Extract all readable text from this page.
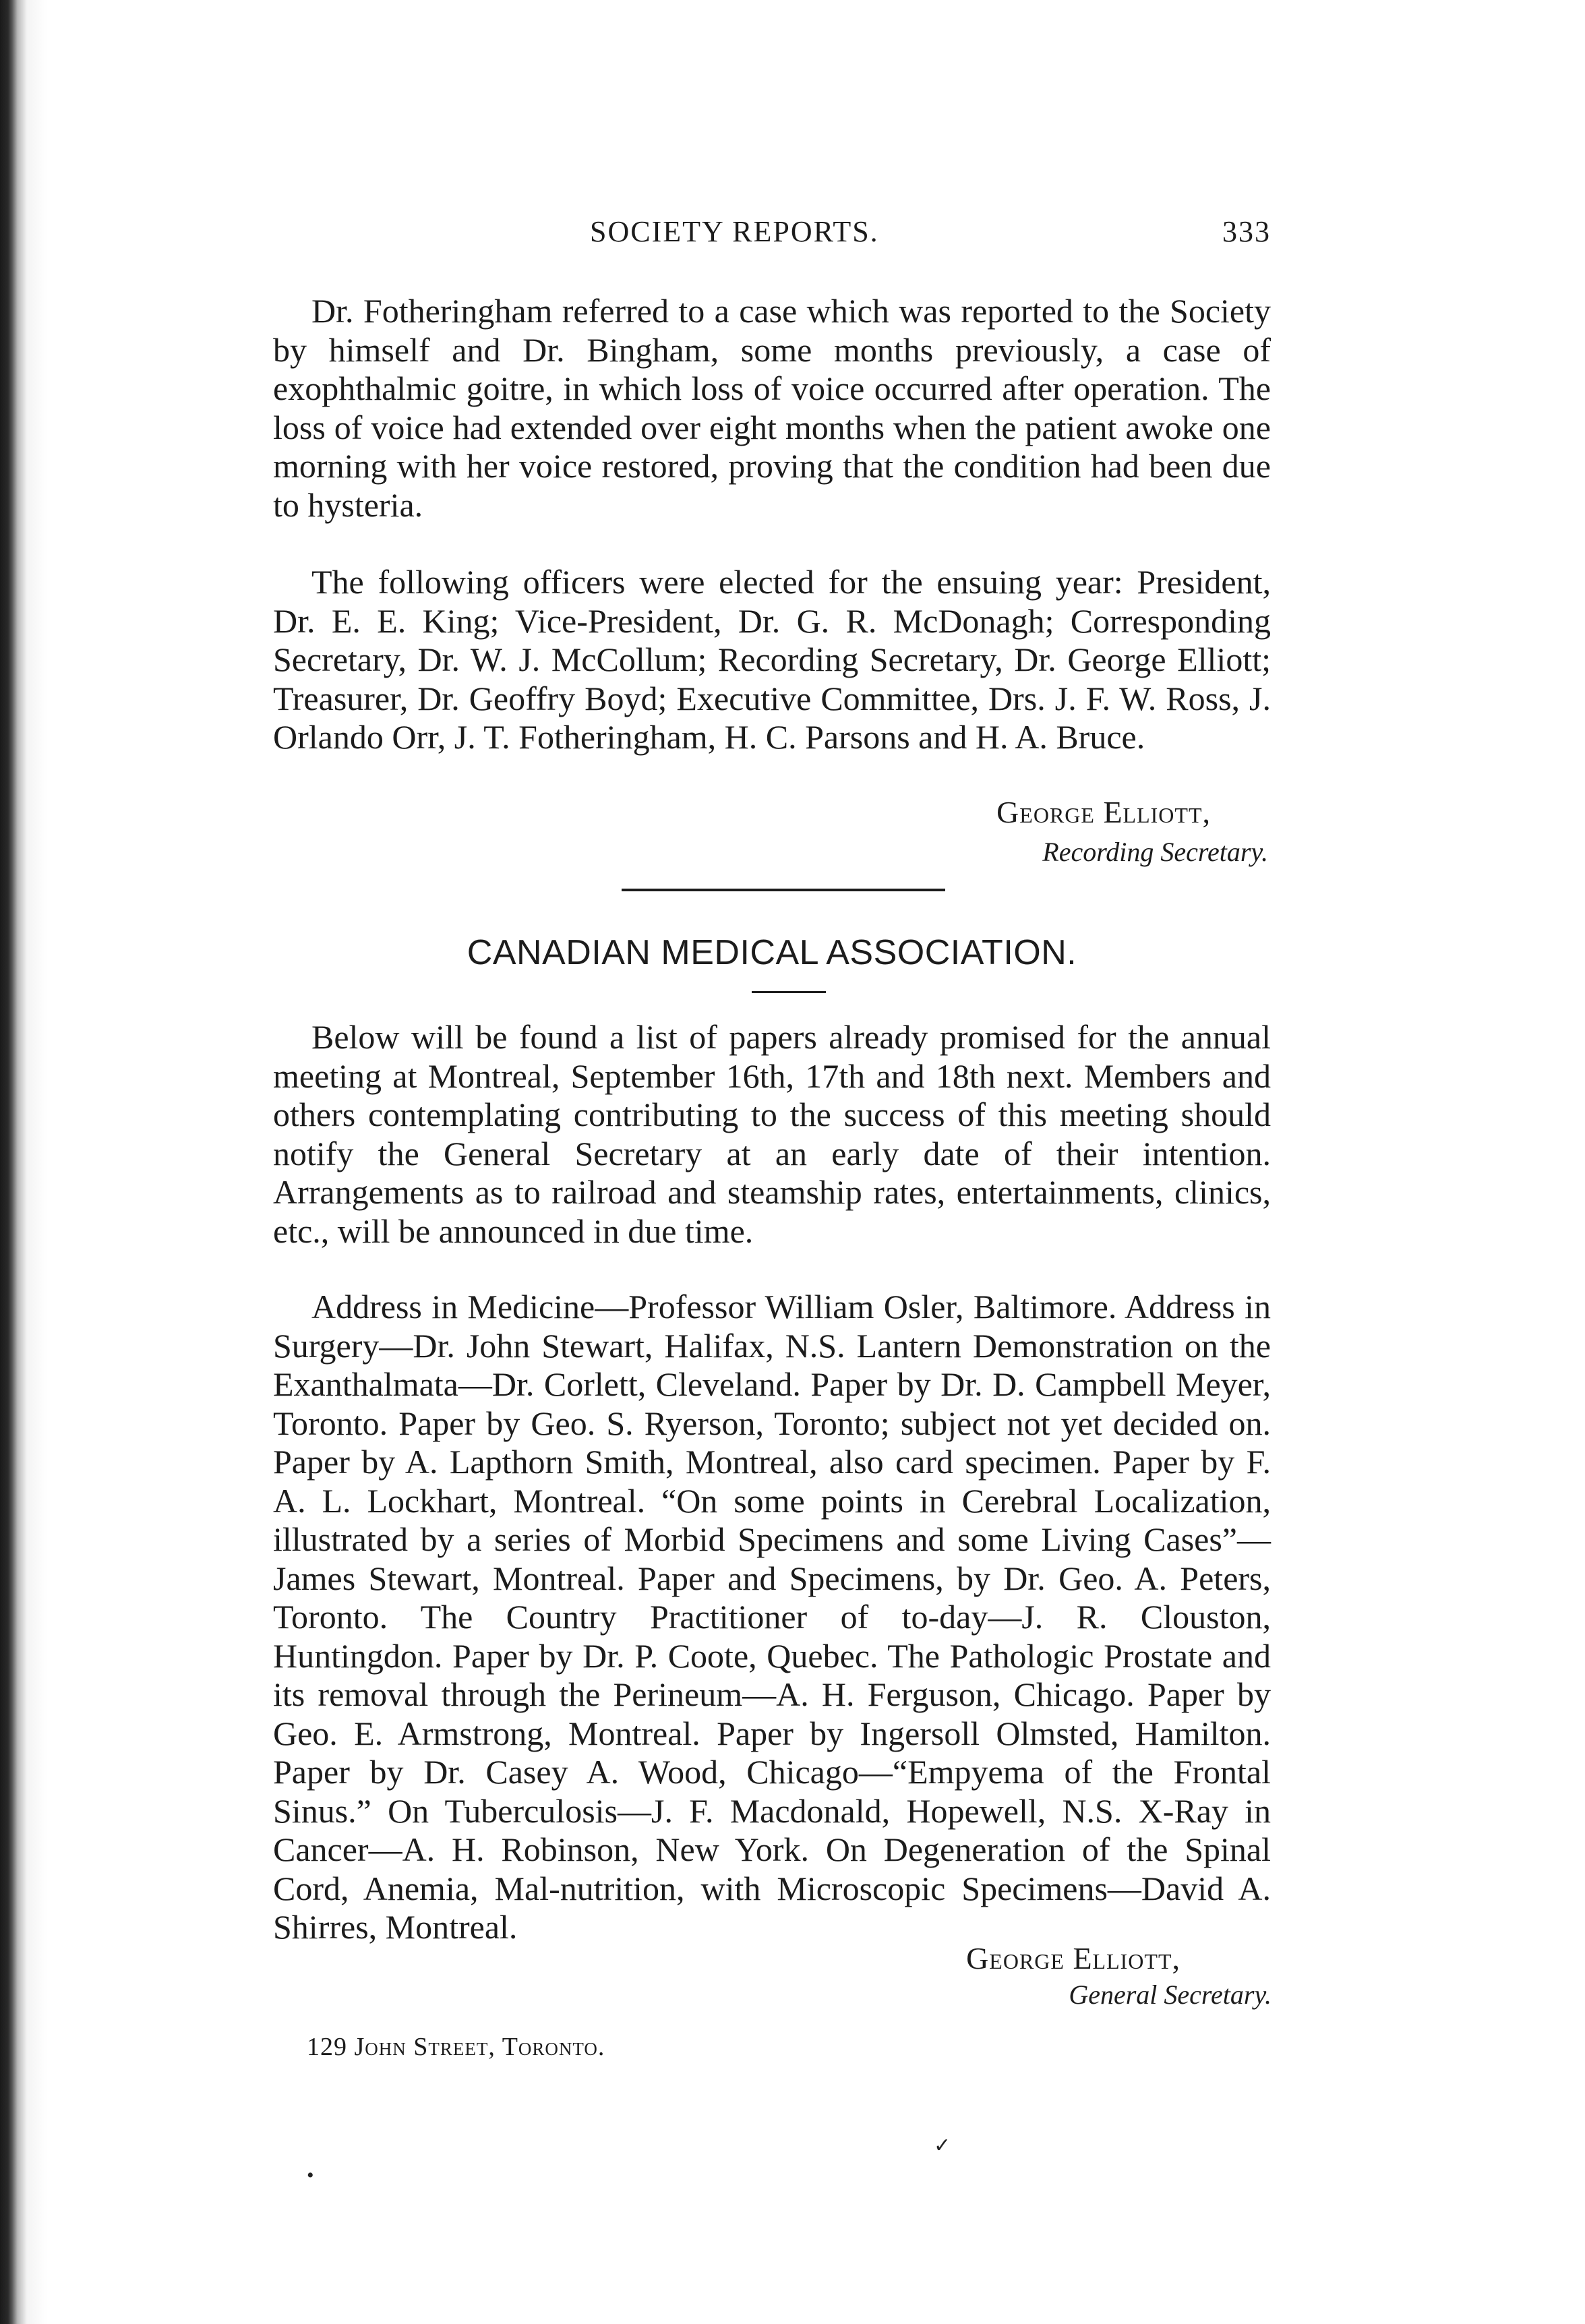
SOCIETY REPORTS.	333

Dr. Fotheringham referred to a case which was reported to the Society by himself and Dr. Bingham, some months previously, a case of exophthalmic goitre, in which loss of voice occurred after operation. The loss of voice had extended over eight months when the patient awoke one morning with her voice restored, proving that the condition had been due to hysteria.

The following officers were elected for the ensuing year: President, Dr. E. E. King; Vice-President, Dr. G. R. McDonagh; Corresponding Secretary, Dr. W. J. McCollum; Recording Secretary, Dr. George Elliott; Treasurer, Dr. Geoffry Boyd; Executive Committee, Drs. J. F. W. Ross, J. Orlando Orr, J. T. Fotheringham, H. C. Parsons and H. A. Bruce.

George Elliott,
Recording Secretary.
CANADIAN MEDICAL ASSOCIATION.

Below will be found a list of papers already promised for the annual meeting at Montreal, September 16th, 17th and 18th next. Members and others contemplating contributing to the success of this meeting should notify the General Secretary at an early date of their intention. Arrangements as to railroad and steamship rates, entertainments, clinics, etc., will be announced in due time.

Address in Medicine—Professor William Osler, Baltimore. Address in Surgery—Dr. John Stewart, Halifax, N.S. Lantern Demonstration on the Exanthalmata—Dr. Corlett, Cleveland. Paper by Dr. D. Campbell Meyer, Toronto. Paper by Geo. S. Ryerson, Toronto; subject not yet decided on. Paper by A. Lapthorn Smith, Montreal, also card specimen. Paper by F. A. L. Lockhart, Montreal. “On some points in Cerebral Localization, illustrated by a series of Morbid Specimens and some Living Cases”—James Stewart, Montreal. Paper and Specimens, by Dr. Geo. A. Peters, Toronto. The Country Practitioner of to-day—J. R. Clouston, Huntingdon. Paper by Dr. P. Coote, Quebec. The Pathologic Prostate and its removal through the Perineum—A. H. Ferguson, Chicago. Paper by Geo. E. Armstrong, Montreal. Paper by Ingersoll Olmsted, Hamilton. Paper by Dr. Casey A. Wood, Chicago—“Empyema of the Frontal Sinus.” On Tuberculosis—J. F. Macdonald, Hopewell, N.S. X-Ray in Cancer—A. H. Robinson, New York. On Degeneration of the Spinal Cord, Anemia, Mal-nutrition, with Microscopic Specimens—David A. Shirres, Montreal.

George Elliott,
General Secretary.
129 John Street, Toronto.
✓
•
